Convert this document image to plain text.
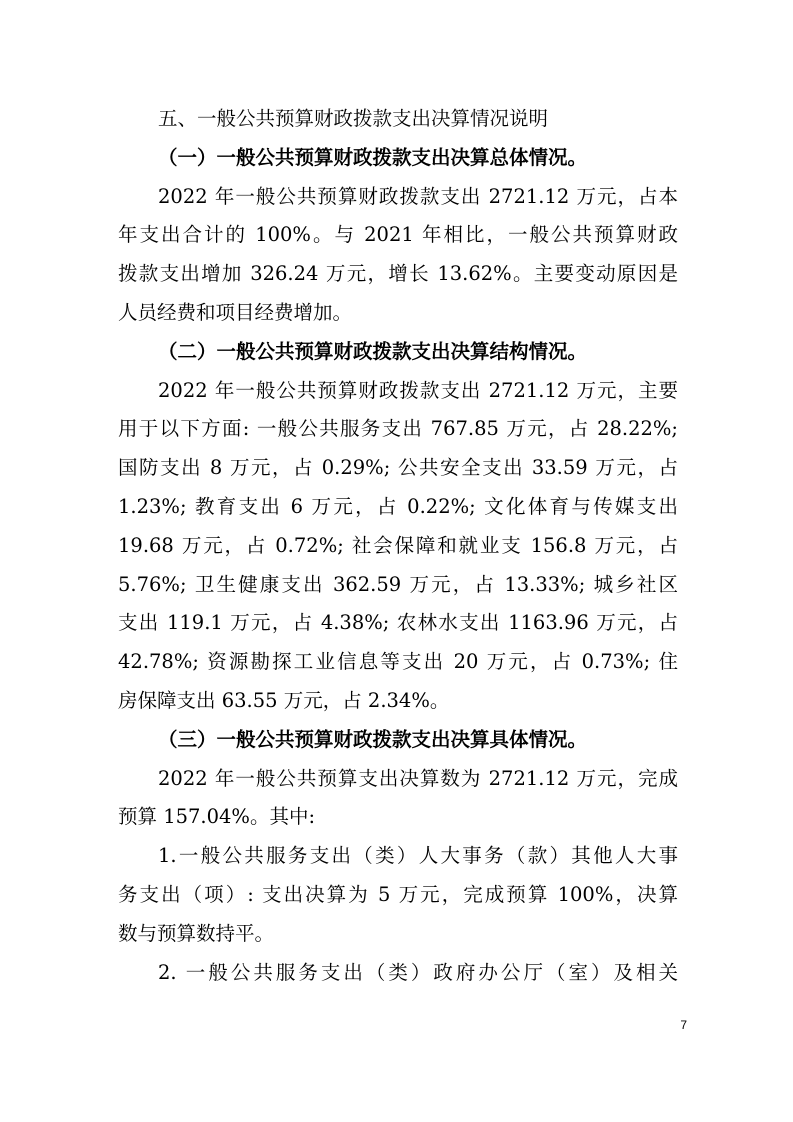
五、一般公共预算财政拨款支出决算情况说明
（一）一般公共预算财政拨款支出决算总体情况。
2022 年一般公共预算财政拨款支出 2721.12 万元，占本
年支出合计的 100%。与 2021 年相比，一般公共预算财政
拨款支出增加 326.24 万元，增长 13.62%。主要变动原因是
人员经费和项目经费增加。
（二）一般公共预算财政拨款支出决算结构情况。
2022 年一般公共预算财政拨款支出 2721.12 万元，主要
用于以下方面: 一般公共服务支出 767.85 万元，占 28.22%;
国防支出 8 万元，占 0.29%; 公共安全支出 33.59 万元，占
1.23%; 教育支出 6 万元，占 0.22%; 文化体育与传媒支出
19.68 万元，占 0.72%; 社会保障和就业支 156.8 万元，占
5.76%; 卫生健康支出 362.59 万元，占 13.33%; 城乡社区
支出 119.1 万元，占 4.38%; 农林水支出 1163.96 万元，占
42.78%; 资源勘探工业信息等支出 20 万元，占 0.73%; 住
房保障支出 63.55 万元，占 2.34%。
（三）一般公共预算财政拨款支出决算具体情况。
2022 年一般公共预算支出决算数为 2721.12 万元，完成
预算 157.04%。其中:
1.一般公共服务支出（类）人大事务（款）其他人大事
务支出（项）: 支出决算为 5 万元，完成预算 100%，决算
数与预算数持平。
2. 一般公共服务支出（类）政府办公厅（室）及相关
7
